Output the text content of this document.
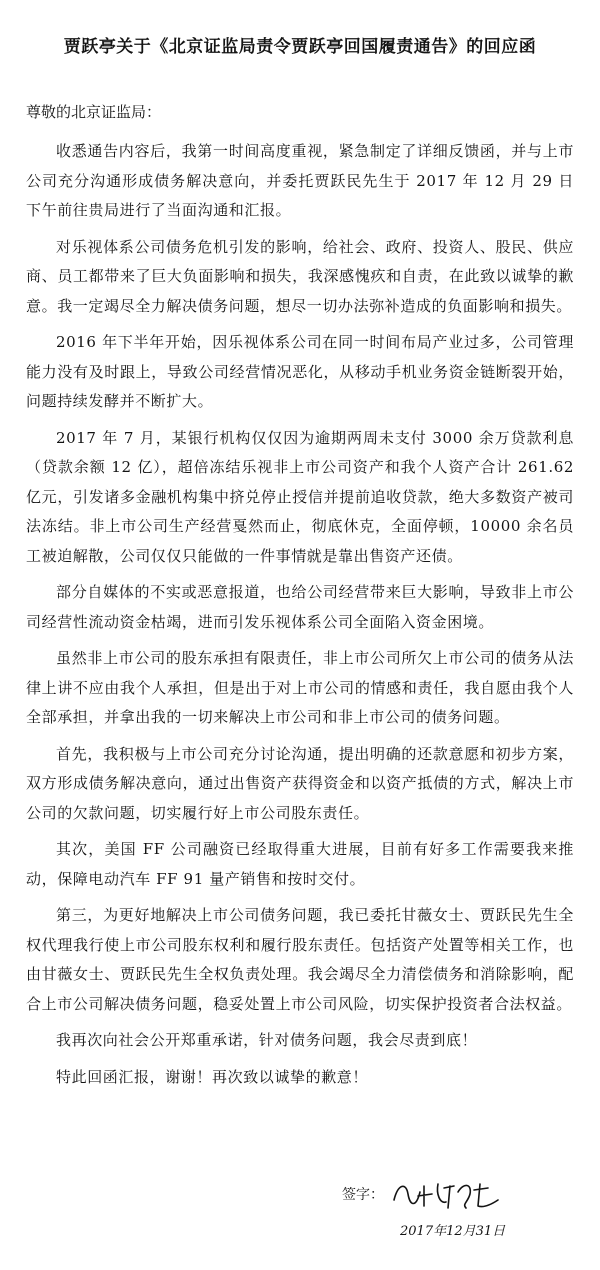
贾跃亭关于《北京证监局责令贾跃亭回国履责通告》的回应函
尊敬的北京证监局：

收悉通告内容后，我第一时间高度重视，紧急制定了详细反馈函，并与上市公司充分沟通形成债务解决意向，并委托贾跃民先生于 2017 年 12 月 29 日下午前往贵局进行了当面沟通和汇报。

对乐视体系公司债务危机引发的影响，给社会、政府、投资人、股民、供应商、员工都带来了巨大负面影响和损失，我深感愧疚和自责，在此致以诚挚的歉意。我一定竭尽全力解决债务问题，想尽一切办法弥补造成的负面影响和损失。

2016 年下半年开始，因乐视体系公司在同一时间布局产业过多，公司管理能力没有及时跟上，导致公司经营情况恶化，从移动手机业务资金链断裂开始，问题持续发酵并不断扩大。

2017 年 7 月，某银行机构仅仅因为逾期两周未支付 3000 余万贷款利息（贷款余额 12 亿），超倍冻结乐视非上市公司资产和我个人资产合计 261.62 亿元，引发诸多金融机构集中挤兑停止授信并提前追收贷款，绝大多数资产被司法冻结。非上市公司生产经营戛然而止，彻底休克，全面停顿，10000 余名员工被迫解散，公司仅仅只能做的一件事情就是靠出售资产还债。

部分自媒体的不实或恶意报道，也给公司经营带来巨大影响，导致非上市公司经营性流动资金枯竭，进而引发乐视体系公司全面陷入资金困境。

虽然非上市公司的股东承担有限责任，非上市公司所欠上市公司的债务从法律上讲不应由我个人承担，但是出于对上市公司的情感和责任，我自愿由我个人全部承担，并拿出我的一切来解决上市公司和非上市公司的债务问题。

首先，我积极与上市公司充分讨论沟通，提出明确的还款意愿和初步方案，双方形成债务解决意向，通过出售资产获得资金和以资产抵债的方式，解决上市公司的欠款问题，切实履行好上市公司股东责任。

其次，美国 FF 公司融资已经取得重大进展，目前有好多工作需要我来推动，保障电动汽车 FF 91 量产销售和按时交付。

第三，为更好地解决上市公司债务问题，我已委托甘薇女士、贾跃民先生全权代理我行使上市公司股东权利和履行股东责任。包括资产处置等相关工作，也由甘薇女士、贾跃民先生全权负责处理。我会竭尽全力清偿债务和消除影响，配合上市公司解决债务问题，稳妥处置上市公司风险，切实保护投资者合法权益。

我再次向社会公开郑重承诺，针对债务问题，我会尽责到底！

特此回函汇报，谢谢！再次致以诚挚的歉意！

签字：
2017年12月31日
